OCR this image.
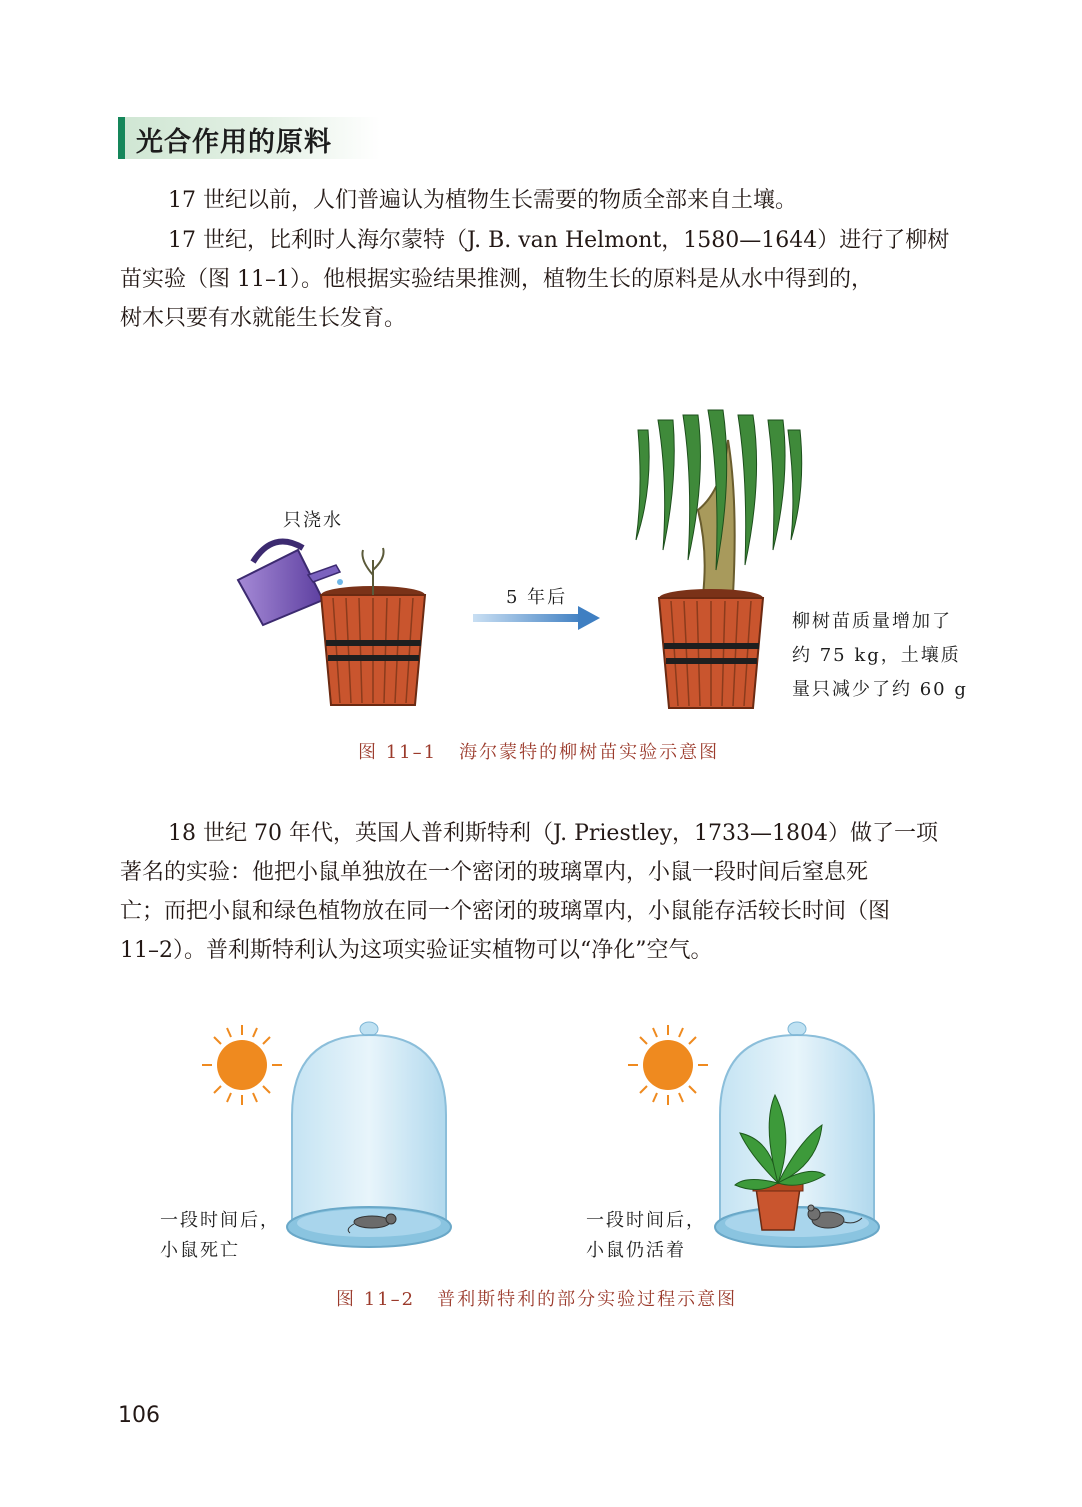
光合作用的原料

17 世纪以前，人们普遍认为植物生长需要的物质全部来自土壤。

17 世纪，比利时人海尔蒙特（J. B. van Helmont，1580—1644）进行了柳树
苗实验（图 11–1）。他根据实验结果推测，植物生长的原料是从水中得到的，
树木只要有水就能生长发育。

只浇水
5 年后
柳树苗质量增加了
约 75 kg，土壤质
量只减少了约 60 g
图 11–1 海尔蒙特的柳树苗实验示意图

18 世纪 70 年代，英国人普利斯特利（J. Priestley，1733—1804）做了一项
著名的实验：他把小鼠单独放在一个密闭的玻璃罩内，小鼠一段时间后窒息死
亡；而把小鼠和绿色植物放在同一个密闭的玻璃罩内，小鼠能存活较长时间（图
11–2）。普利斯特利认为这项实验证实植物可以“净化”空气。

一段时间后，
小鼠死亡
一段时间后，
小鼠仍活着
图 11–2 普利斯特利的部分实验过程示意图
106
